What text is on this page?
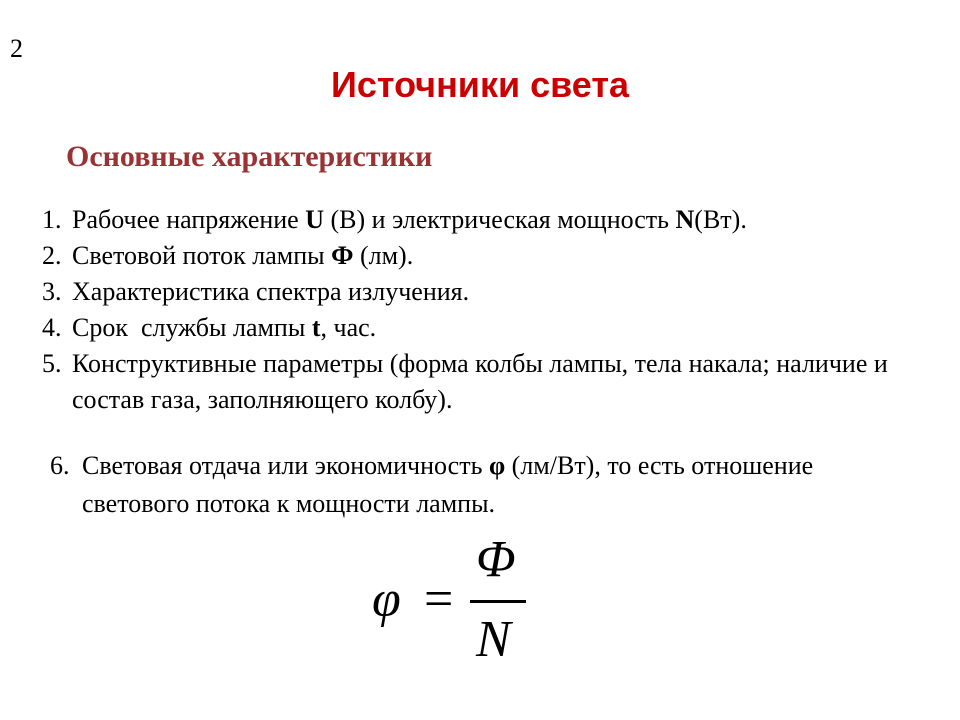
2
Источники света
Основные характеристики
1. Рабочее напряжение U (В) и электрическая мощность N(Вт).
2. Световой поток лампы Ф (лм).
3. Характеристика спектра излучения.
4. Срок  службы лампы t, час.
5. Конструктивные параметры (форма колбы лампы, тела накала; наличие и состав газа, заполняющего колбу).
6. Световая отдача или экономичность φ (лм/Вт), то есть отношение светового потока к мощности лампы.
φ =
Φ
N
